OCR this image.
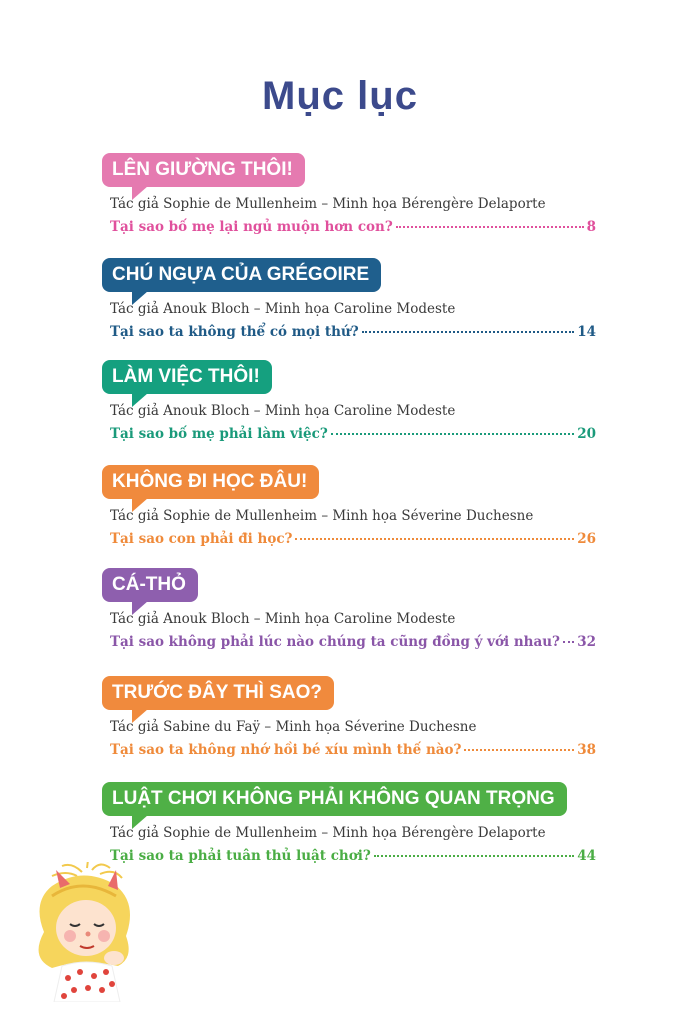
Mục lục
LÊN GIƯỜNG THÔI!
Tác giả Sophie de Mullenheim – Minh họa Bérengère Delaporte
Tại sao bố mẹ lại ngủ muộn hơn con?	8
CHÚ NGỰA CỦA GRÉGOIRE
Tác giả Anouk Bloch – Minh họa Caroline Modeste
Tại sao ta không thể có mọi thứ?	14
LÀM VIỆC THÔI!
Tác giả Anouk Bloch – Minh họa Caroline Modeste
Tại sao bố mẹ phải làm việc?	20
KHÔNG ĐI HỌC ĐÂU!
Tác giả Sophie de Mullenheim – Minh họa Séverine Duchesne
Tại sao con phải đi học?	26
CÁ-THỎ
Tác giả Anouk Bloch – Minh họa Caroline Modeste
Tại sao không phải lúc nào chúng ta cũng đồng ý với nhau? 32
TRƯỚC ĐÂY THÌ SAO?
Tác giả Sabine du Faÿ – Minh họa Séverine Duchesne
Tại sao ta không nhớ hồi bé xíu mình thế nào?	38
LUẬT CHƠI KHÔNG PHẢI KHÔNG QUAN TRỌNG
Tác giả Sophie de Mullenheim – Minh họa Bérengère Delaporte
Tại sao ta phải tuân thủ luật chơi?	44
